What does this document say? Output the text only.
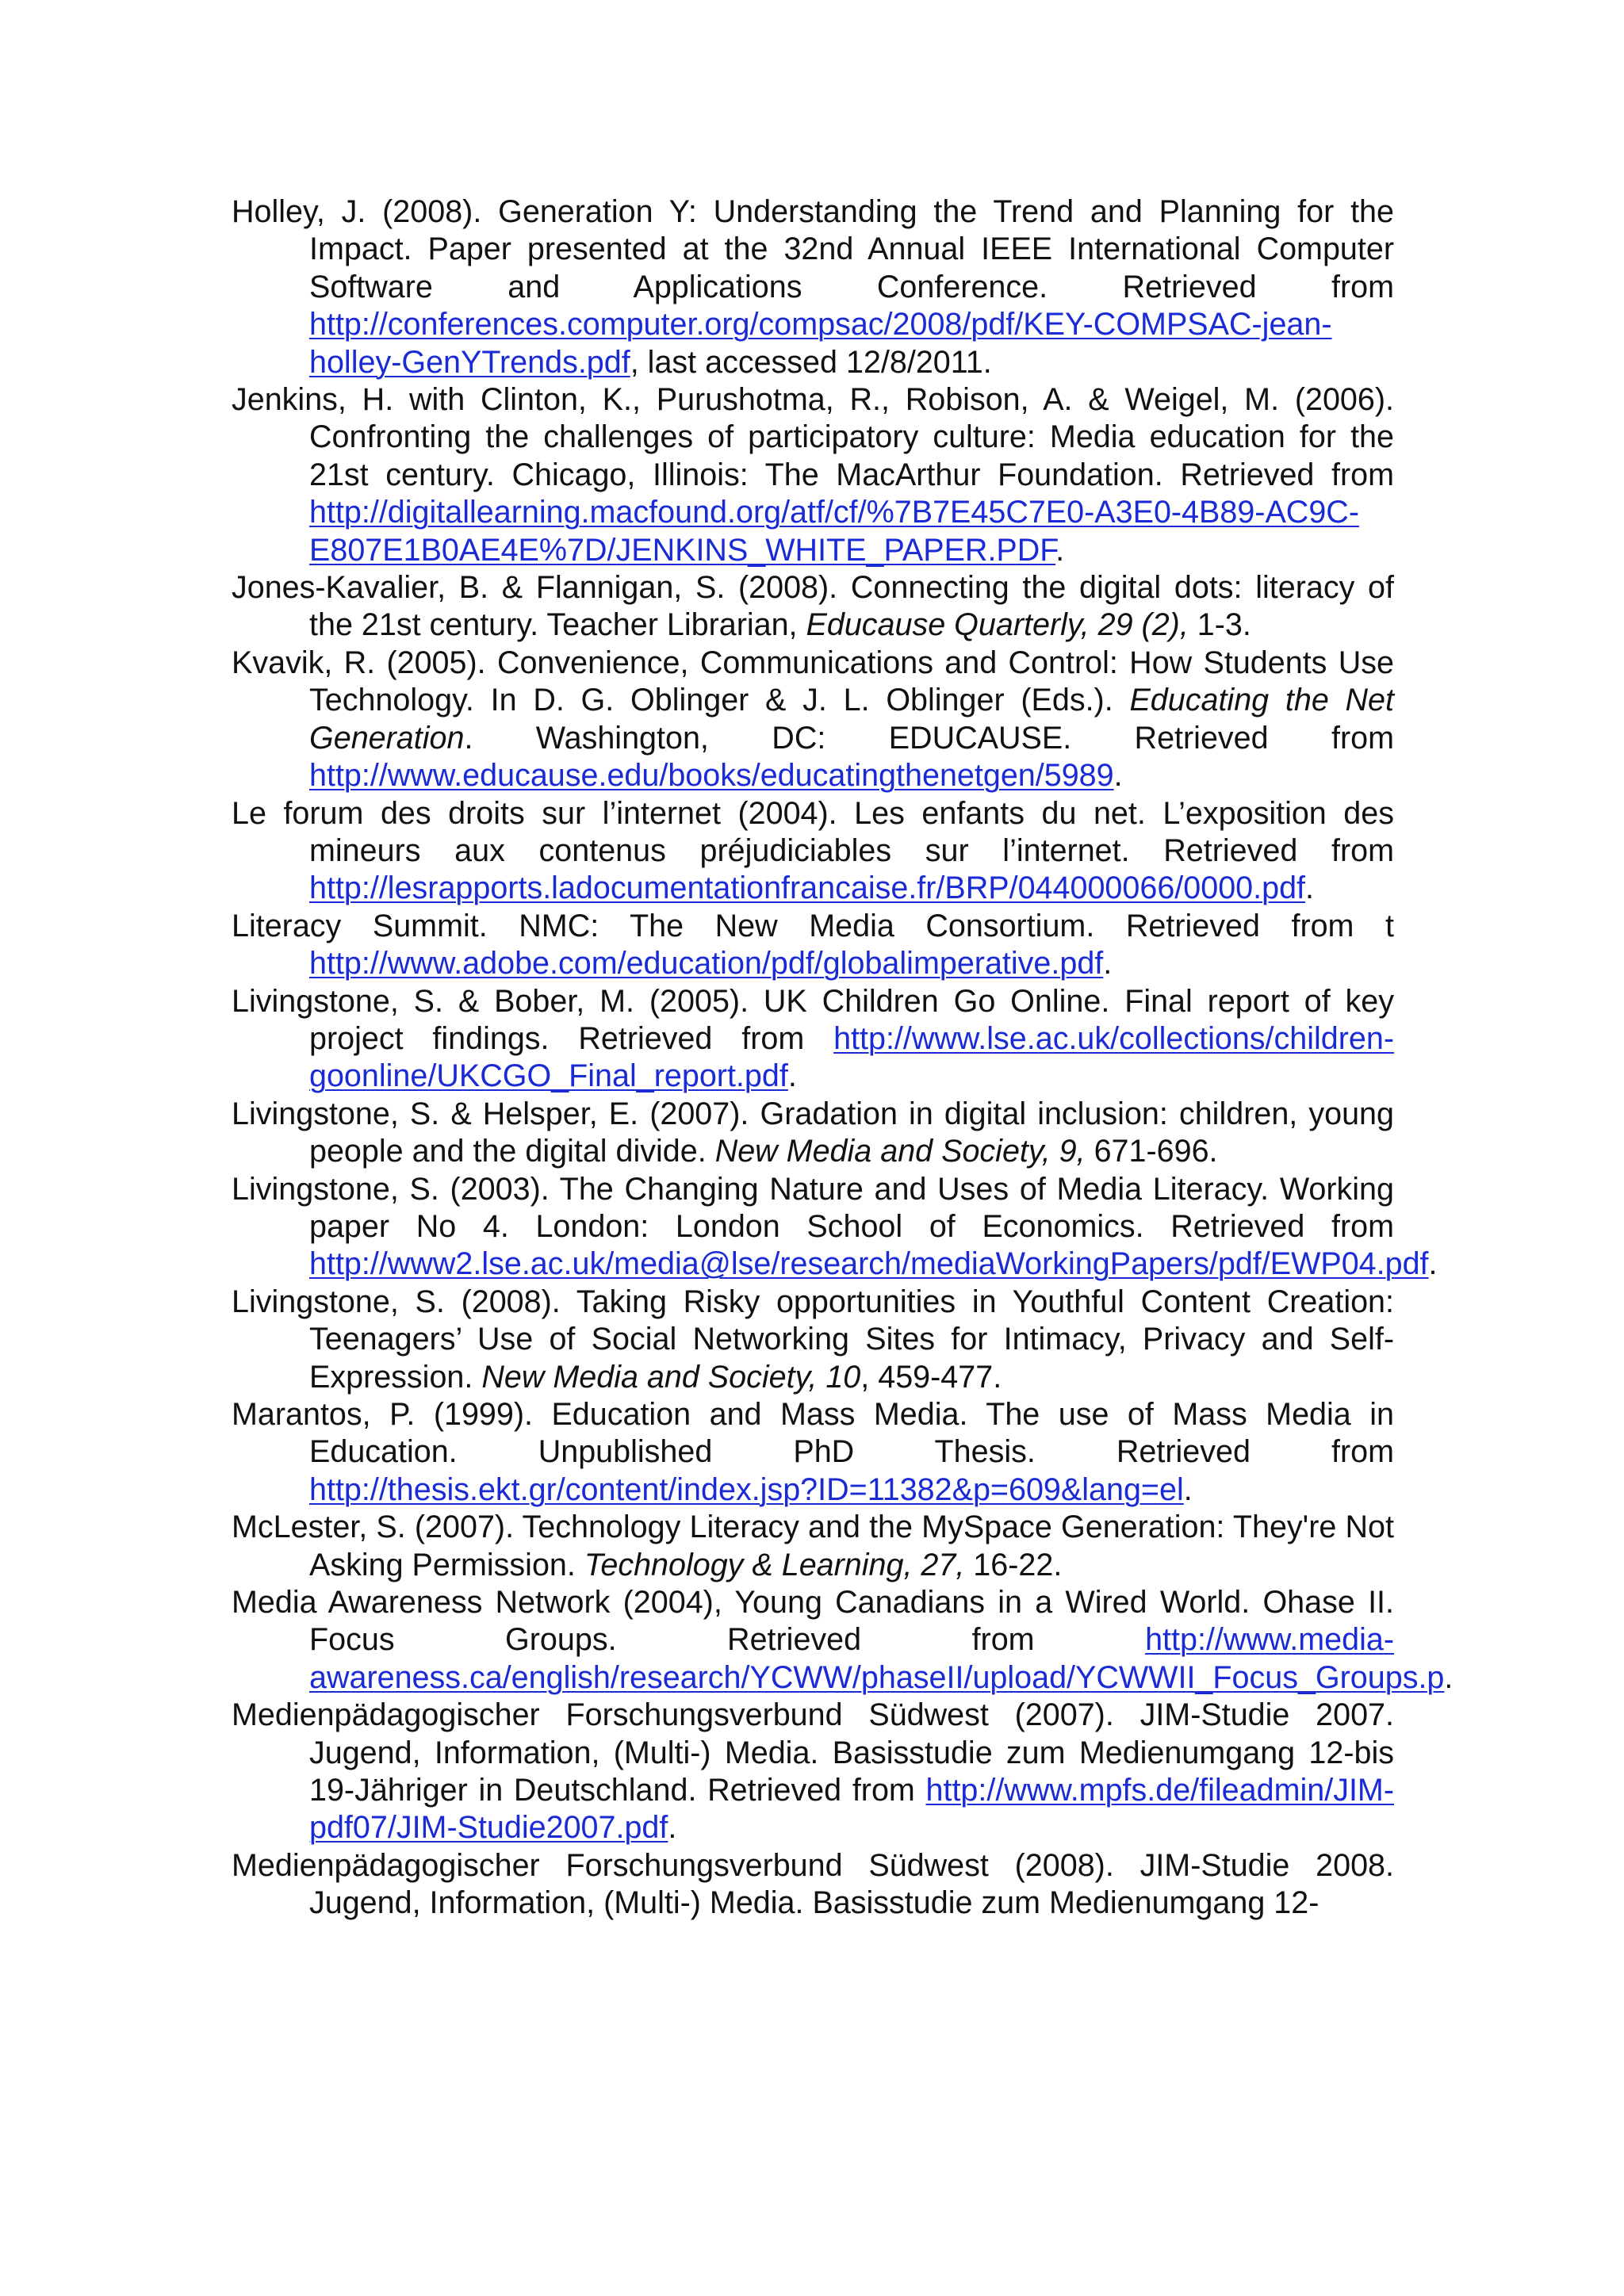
Holley, J. (2008). Generation Y: Understanding the Trend and Planning for the Impact. Paper presented at the 32nd Annual IEEE International Computer Software and Applications Conference. Retrieved from http://conferences.computer.org/compsac/2008/pdf/KEY-COMPSAC-jean-holley-GenYTrends.pdf, last accessed 12/8/2011.

Jenkins, H. with Clinton, K., Purushotma, R., Robison, A. & Weigel, M. (2006). Confronting the challenges of participatory culture: Media education for the 21st century. Chicago, Illinois: The MacArthur Foundation. Retrieved from http://digitallearning.macfound.org/atf/cf/%7B7E45C7E0-A3E0-4B89-AC9C-E807E1B0AE4E%7D/JENKINS_WHITE_PAPER.PDF.

Jones-Kavalier, B. & Flannigan, S. (2008). Connecting the digital dots: literacy of the 21st century. Teacher Librarian, Educause Quarterly, 29 (2), 1-3.

Kvavik, R. (2005). Convenience, Communications and Control: How Students Use Technology. In D. G. Oblinger & J. L. Oblinger (Eds.). Educating the Net Generation. Washington, DC: EDUCAUSE. Retrieved from http://www.educause.edu/books/educatingthenetgen/5989.

Le forum des droits sur l’internet (2004). Les enfants du net. L’exposition des mineurs aux contenus préjudiciables sur l’internet. Retrieved from http://lesrapports.ladocumentationfrancaise.fr/BRP/044000066/0000.pdf.

Literacy Summit. NMC: The New Media Consortium. Retrieved from t http://www.adobe.com/education/pdf/globalimperative.pdf.

Livingstone, S. & Bober, M. (2005). UK Children Go Online. Final report of key project findings. Retrieved from http://www.lse.ac.uk/collections/children-goonline/UKCGO_Final_report.pdf.

Livingstone, S. & Helsper, E. (2007). Gradation in digital inclusion: children, young people and the digital divide. New Media and Society, 9, 671-696.

Livingstone, S. (2003). The Changing Nature and Uses of Media Literacy. Working paper No 4. London: London School of Economics. Retrieved from http://www2.lse.ac.uk/media@lse/research/mediaWorkingPapers/pdf/EWP04.pdf.

Livingstone, S. (2008). Taking Risky opportunities in Youthful Content Creation: Teenagers’ Use of Social Networking Sites for Intimacy, Privacy and Self-Expression. New Media and Society, 10, 459-477.

Marantos, P. (1999). Education and Mass Media. The use of Mass Media in Education. Unpublished PhD Thesis. Retrieved from http://thesis.ekt.gr/content/index.jsp?ID=11382&p=609&lang=el.

McLester, S. (2007). Technology Literacy and the MySpace Generation: They're Not Asking Permission. Technology & Learning, 27, 16-22.

Media Awareness Network (2004), Young Canadians in a Wired World. Ohase II. Focus Groups. Retrieved from http://www.media-awareness.ca/english/research/YCWW/phaseII/upload/YCWWII_Focus_Groups.p.

Medienpädagogischer Forschungsverbund Südwest (2007). JIM-Studie 2007. Jugend, Information, (Multi-) Media. Basisstudie zum Medienumgang 12-bis 19-Jähriger in Deutschland. Retrieved from http://www.mpfs.de/fileadmin/JIM-pdf07/JIM-Studie2007.pdf.

Medienpädagogischer Forschungsverbund Südwest (2008). JIM-Studie 2008. Jugend, Information, (Multi-) Media. Basisstudie zum Medienumgang 12-
